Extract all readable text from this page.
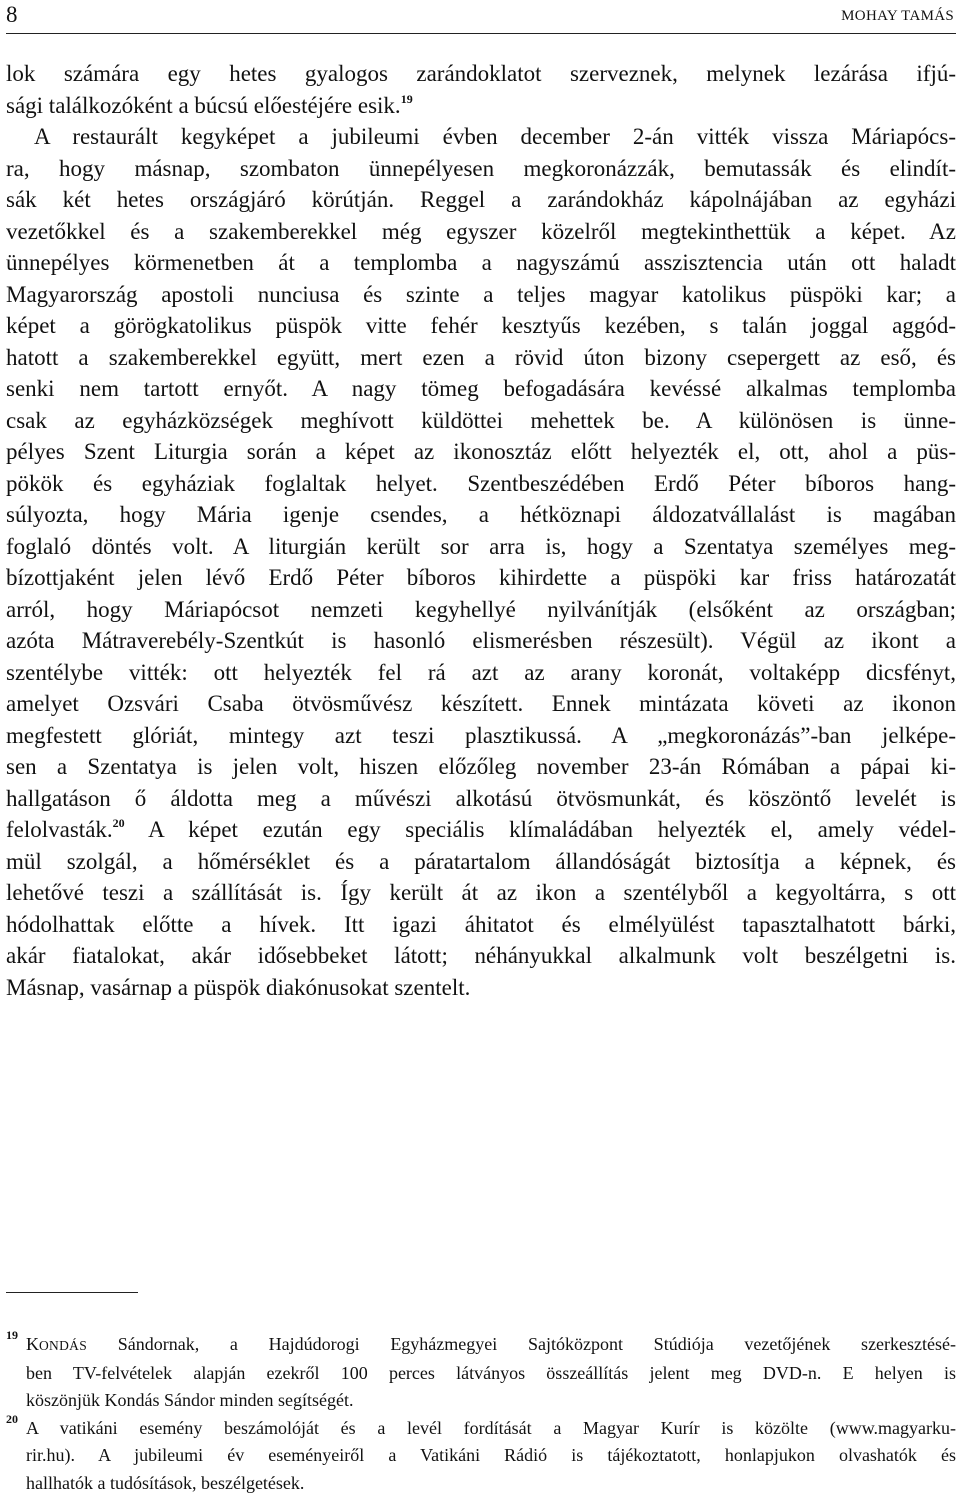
8	MOHAY TAMÁS
lok számára egy hetes gyalogos zarándoklatot szerveznek, melynek lezárása ifjú-
sági találkozóként a búcsú előestéjére esik.$^{19}$
A restaurált kegyképet a jubileumi évben december 2-án vitték vissza Máriapócs-
ra, hogy másnap, szombaton ünnepélyesen megkoronázzák, bemutassák és elindít-
sák két hetes országjáró körútján. Reggel a zarándokház kápolnájában az egyházi
vezetőkkel és a szakemberekkel még egyszer közelről megtekinthettük a képet. Az
ünnepélyes körmenetben át a templomba a nagyszámú asszisztencia után ott haladt
Magyarország apostoli nunciusa és szinte a teljes magyar katolikus püspöki kar; a
képet a görögkatolikus püspök vitte fehér kesztyűs kezében, s talán joggal aggód-
hatott a szakemberekkel együtt, mert ezen a rövid úton bizony csepergett az eső, és
senki nem tartott ernyőt. A nagy tömeg befogadására kevéssé alkalmas templomba
csak az egyházközségek meghívott küldöttei mehettek be. A különösen is ünne-
pélyes Szent Liturgia során a képet az ikonosztáz előtt helyezték el, ott, ahol a püs-
pökök és egyháziak foglaltak helyet. Szentbeszédében Erdő Péter bíboros hang-
súlyozta, hogy Mária igenje csendes, a hétköznapi áldozatvállalást is magában
foglaló döntés volt. A liturgián került sor arra is, hogy a Szentatya személyes meg-
bízottjaként jelen lévő Erdő Péter bíboros kihirdette a püspöki kar friss határozatát
arról, hogy Máriapócsot nemzeti kegyhellyé nyilvánítják (elsőként az országban;
azóta Mátraverebély-Szentkút is hasonló elismerésben részesült). Végül az ikont a
szentélybe vitték: ott helyezték fel rá azt az arany koronát, voltaképp dicsfényt,
amelyet Ozsvári Csaba ötvösművész készített. Ennek mintázata követi az ikonon
megfestett glóriát, mintegy azt teszi plasztikussá. A „megkoronázás”-ban jelképe-
sen a Szentatya is jelen volt, hiszen előzőleg november 23-án Rómában a pápai ki-
hallgatáson ő áldotta meg a művészi alkotású ötvösmunkát, és köszöntő levelét is
felolvasták.$^{20}$ A képet ezután egy speciális klímaládában helyezték el, amely védel-
mül szolgál, a hőmérséklet és a páratartalom állandóságát biztosítja a képnek, és
lehetővé teszi a szállítását is. Így került át az ikon a szentélyből a kegyoltárra, s ott
hódolhattak előtte a hívek. Itt igazi áhitatot és elmélyülést tapasztalhatott bárki,
akár fiatalokat, akár idősebbeket látott; néhányukkal alkalmunk volt beszélgetni is.
Másnap, vasárnap a püspök diakónusokat szentelt.
19 KONDÁS Sándornak, a Hajdúdorogi Egyházmegyei Sajtóközpont Stúdiója vezetőjének szerkesztésé-
ben TV-felvételek alapján ezekről 100 perces látványos összeállítás jelent meg DVD-n. E helyen is
köszönjük Kondás Sándor minden segítségét.
20 A vatikáni esemény beszámolóját és a levél fordítását a Magyar Kurír is közölte (www.magyarku-
rir.hu). A jubileumi év eseményeiről a Vatikáni Rádió is tájékoztatott, honlapjukon olvashatók és
hallhatók a tudósítások, beszélgetések.
